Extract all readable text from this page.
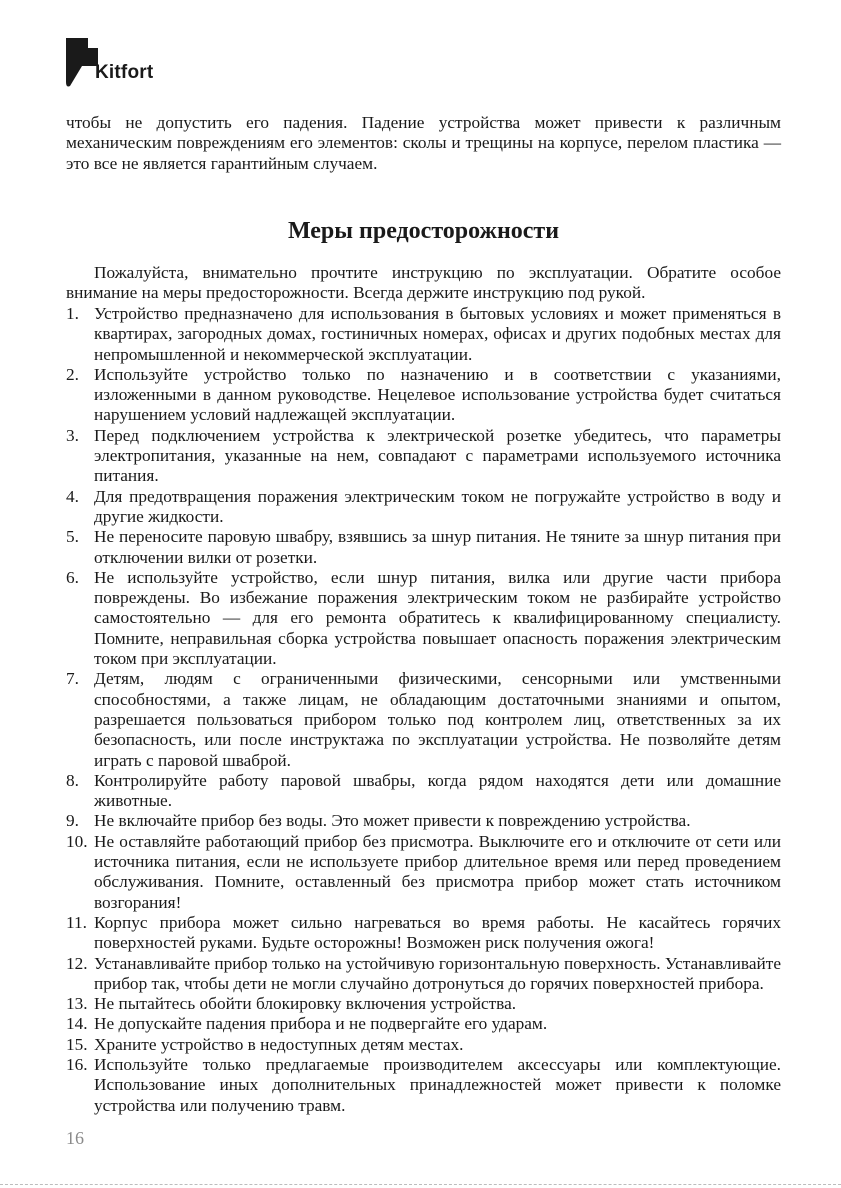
Kitfort

чтобы не допустить его падения. Падение устройства может привести к различным механическим повреждениям его элементов: сколы и трещины на корпусе, перелом пластика — это все не является гарантийным случаем.

Меры предосторожности

Пожалуйста, внимательно прочтите инструкцию по эксплуатации. Обратите особое внимание на меры предосторожности. Всегда держите инструкцию под рукой.

1. Устройство предназначено для использования в бытовых условиях и может применяться в квартирах, загородных домах, гостиничных номерах, офисах и других подобных местах для непромышленной и некоммерческой эксплуатации.
2. Используйте устройство только по назначению и в соответствии с указаниями, изложенными в данном руководстве. Нецелевое использование устройства будет считаться нарушением условий надлежащей эксплуатации.
3. Перед подключением устройства к электрической розетке убедитесь, что параметры электропитания, указанные на нем, совпадают с параметрами используемого источника питания.
4. Для предотвращения поражения электрическим током не погружайте устройство в воду и другие жидкости.
5. Не переносите паровую швабру, взявшись за шнур питания. Не тяните за шнур питания при отключении вилки от розетки.
6. Не используйте устройство, если шнур питания, вилка или другие части прибора повреждены. Во избежание поражения электрическим током не разбирайте устройство самостоятельно — для его ремонта обратитесь к квалифицированному специалисту. Помните, неправильная сборка устройства повышает опасность поражения электрическим током при эксплуатации.
7. Детям, людям с ограниченными физическими, сенсорными или умственными способностями, а также лицам, не обладающим достаточными знаниями и опытом, разрешается пользоваться прибором только под контролем лиц, ответственных за их безопасность, или после инструктажа по эксплуатации устройства. Не позволяйте детям играть с паровой шваброй.
8. Контролируйте работу паровой швабры, когда рядом находятся дети или домашние животные.
9. Не включайте прибор без воды. Это может привести к повреждению устройства.
10. Не оставляйте работающий прибор без присмотра. Выключите его и отключите от сети или источника питания, если не используете прибор длительное время или перед проведением обслуживания. Помните, оставленный без присмотра прибор может стать источником возгорания!
11. Корпус прибора может сильно нагреваться во время работы. Не касайтесь горячих поверхностей руками. Будьте осторожны! Возможен риск получения ожога!
12. Устанавливайте прибор только на устойчивую горизонтальную поверхность. Устанавливайте прибор так, чтобы дети не могли случайно дотронуться до горячих поверхностей прибора.
13. Не пытайтесь обойти блокировку включения устройства.
14. Не допускайте падения прибора и не подвергайте его ударам.
15. Храните устройство в недоступных детям местах.
16. Используйте только предлагаемые производителем аксессуары или комплектующие. Использование иных дополнительных принадлежностей может привести к поломке устройства или получению травм.
16
